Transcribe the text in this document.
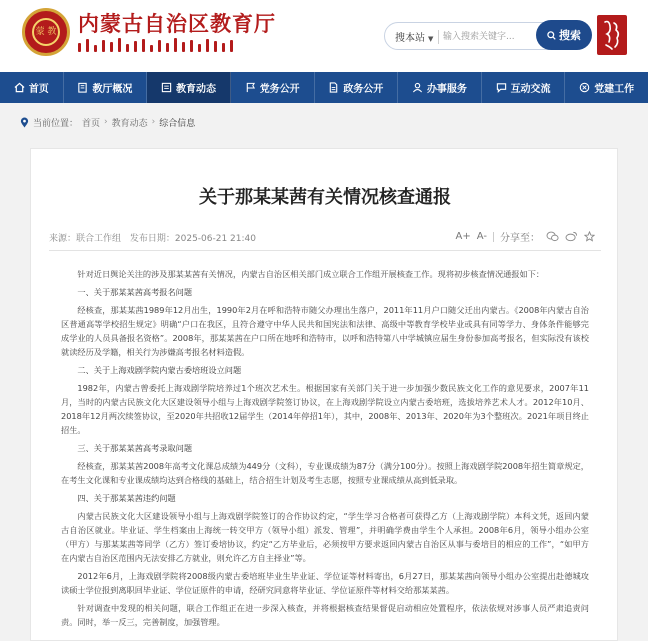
蒙 教 内蒙古自治区教育厅
搜本站 ▼
输入搜索关键字...	搜索
首页	教厅概况	教育动态	党务公开	政务公开	办事服务	互动交流	党建工作
当前位置： 首页 › 教育动态 › 综合信息
关于那某某茜有关情况核查通报
来源：联合工作组 发布日期：2025-06-21 21:40	A+ A- 分享至：

针对近日舆论关注的涉及那某某茜有关情况，内蒙古自治区相关部门成立联合工作组开展核查工作。现将初步核查情况通报如下：

一、关于那某某茜高考报名问题

经核查，那某某茜1989年12月出生，1990年2月在呼和浩特市随父办理出生落户，2011年11月户口随父迁出内蒙古。《2008年内蒙古自治区普通高等学校招生规定》明确“户口在我区，且符合遵守中华人民共和国宪法和法律、高级中等教育学校毕业或具有同等学力、身体条件能够完成学业的人员具备报名资格”。2008年，那某某茜在户口所在地呼和浩特市，以呼和浩特第八中学城镇应届生身份参加高考报名，但实际没有该校就读经历及学籍，相关行为涉嫌高考报名材料造假。

二、关于上海戏剧学院内蒙古委培班设立问题

1982年，内蒙古曾委托上海戏剧学院培养过1个班次艺术生。根据国家有关部门关于进一步加强少数民族文化工作的意见要求，2007年11月，当时的内蒙古民族文化大区建设领导小组与上海戏剧学院签订协议，在上海戏剧学院设立内蒙古委培班，选拔培养艺术人才。2012年10月、2018年12月两次续签协议，至2020年共招收12届学生（2014年停招1年），其中，2008年、2013年、2020年为3个整班次。2021年项目终止招生。

三、关于那某某茜高考录取问题

经核查，那某某茜2008年高考文化课总成绩为449分（文科），专业课成绩为87分（满分100分）。按照上海戏剧学院2008年招生简章规定，在考生文化课和专业课成绩均达到合格线的基础上，结合招生计划及考生志愿，按照专业课成绩从高到低录取。

四、关于那某某茜违约问题

内蒙古民族文化大区建设领导小组与上海戏剧学院签订的合作协议约定，“学生学习合格者可获得乙方（上海戏剧学院）本科文凭，返回内蒙古自治区就业。毕业证、学生档案由上海统一转交甲方（领导小组）派发、管理”，并明确学费由学生个人承担。2008年6月，领导小组办公室（甲方）与那某某茜等同学（乙方）签订委培协议，约定“乙方毕业后，必须按甲方要求返回内蒙古自治区从事与委培目的相应的工作”，“如甲方在内蒙古自治区范围内无法安排乙方就业，则允许乙方自主择业”等。

2012年6月，上海戏剧学院将2008级内蒙古委培班毕业生毕业证、学位证等材料寄出，6月27日，那某某茜向领导小组办公室提出赴德城攻读硕士学位报到离职回毕业证、学位证原件的申请，经研究同意将毕业证、学位证原件等材料交给那某某茜。

针对调查中发现的相关问题，联合工作组正在进一步深入核查，并将根据核查结果督促启动相应处置程序，依法依规对涉事人员严肃追责问责。同时，举一反三，完善制度，加强管理。
